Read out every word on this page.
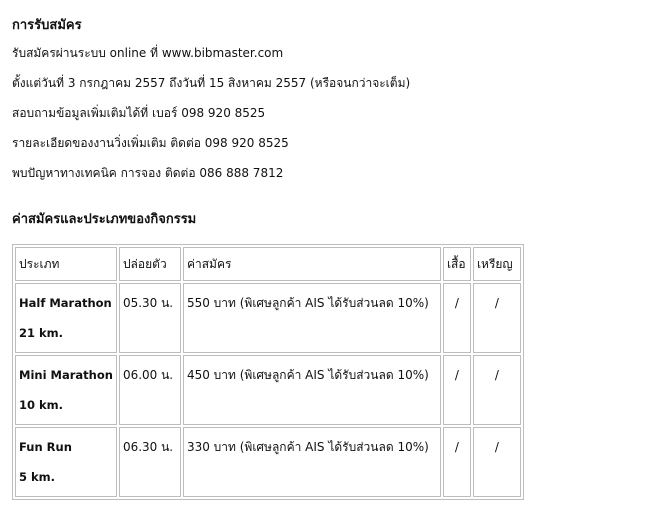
การรับสมัคร
รับสมัครผ่านระบบ online ที่ www.bibmaster.com
ตั้งแต่วันที่ 3 กรกฎาคม 2557 ถึงวันที่ 15 สิงหาคม 2557 (หรือจนกว่าจะเต็ม)
สอบถามข้อมูลเพิ่มเติมได้ที่ เบอร์ 098 920 8525
รายละเอียดของงานวิ่งเพิ่มเติม ติดต่อ 098 920 8525
พบปัญหาทางเทคนิค การจอง ติดต่อ 086 888 7812
ค่าสมัครและประเภทของกิจกรรม
ประเภท	ปล่อยตัว	ค่าสมัคร	เสื้อ	เหรียญ
Half Marathon
21 km.	05.30 น.	550 บาท (พิเศษลูกค้า AIS ได้รับส่วนลด 10%)	/	/
Mini Marathon
10 km.	06.00 น.	450 บาท (พิเศษลูกค้า AIS ได้รับส่วนลด 10%)	/	/
Fun Run
5 km.	06.30 น.	330 บาท (พิเศษลูกค้า AIS ได้รับส่วนลด 10%)	/	/
